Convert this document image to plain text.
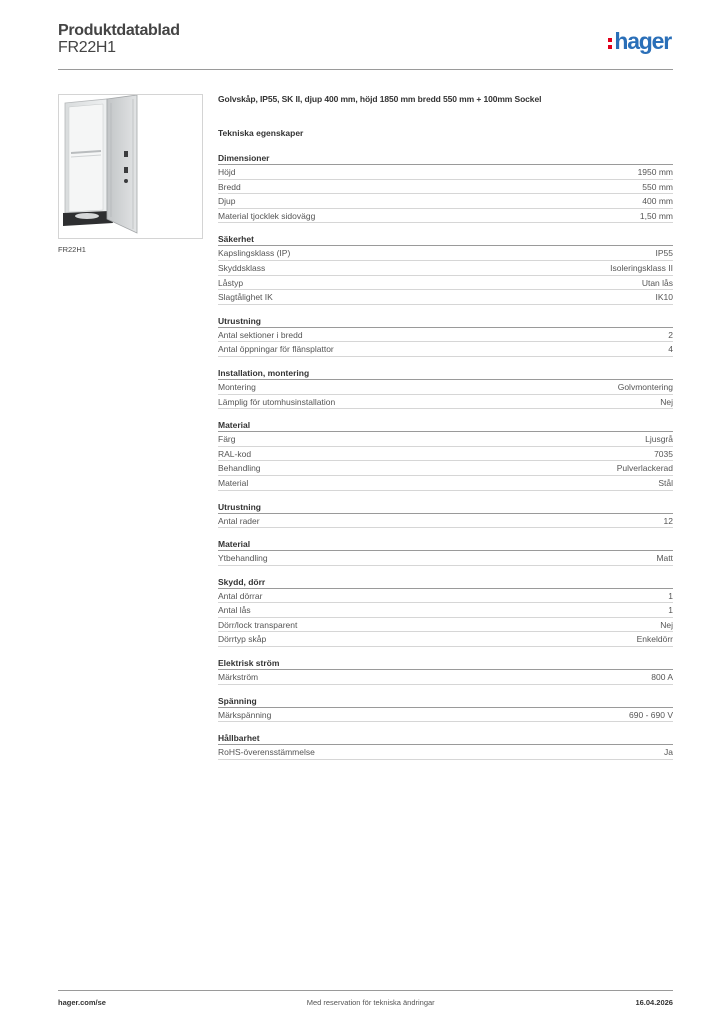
Produktdatablad
FR22H1	hager
FR22H1
Golvskåp, IP55, SK II, djup 400 mm, höjd 1850 mm bredd 550 mm + 100mm Sockel
Tekniska egenskaper
Dimensioner
Höjd	1950 mm
Bredd	550 mm
Djup	400 mm
Material tjocklek sidovägg	1,50 mm
Säkerhet
Kapslingsklass (IP)	IP55
Skyddsklass	Isoleringsklass II
Låstyp	Utan lås
Slagtålighet IK	IK10
Utrustning
Antal sektioner i bredd	2
Antal öppningar för flänsplattor	4
Installation, montering
Montering	Golvmontering
Lämplig för utomhusinstallation	Nej
Material
Färg	Ljusgrå
RAL-kod	7035
Behandling	Pulverlackerad
Material	Stål
Utrustning
Antal rader	12
Material
Ytbehandling	Matt
Skydd, dörr
Antal dörrar	1
Antal lås	1
Dörr/lock transparent	Nej
Dörrtyp skåp	Enkeldörr
Elektrisk ström
Märkström	800 A
Spänning
Märkspänning	690 - 690 V
Hållbarhet
RoHS-överensstämmelse	Ja
hager.com/se	Med reservation för tekniska ändringar	16.04.2026
